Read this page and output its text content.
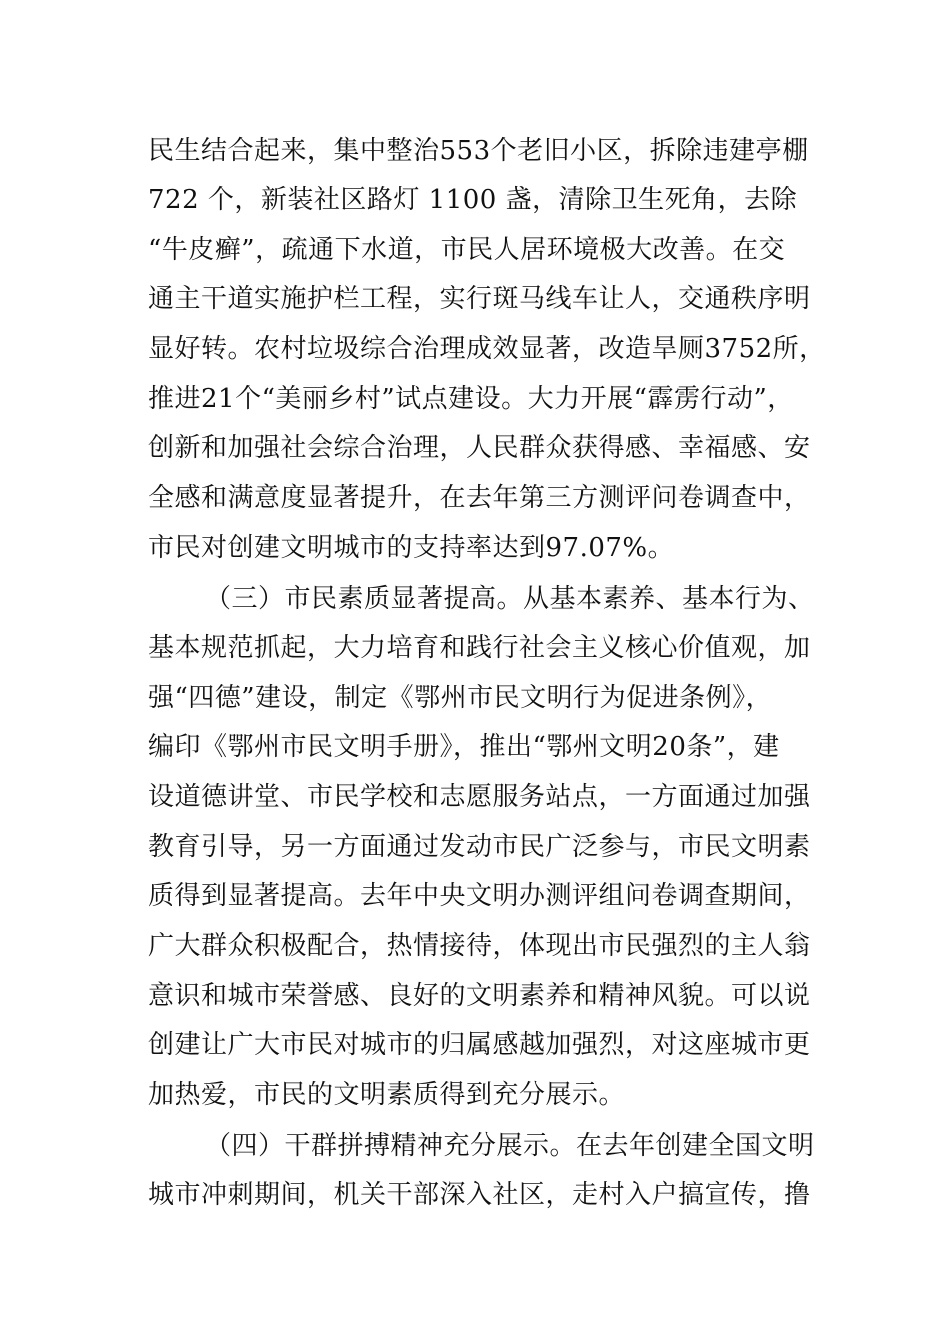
民生结合起来，集中整治553个老旧小区，拆除违建亭棚
722 个，新装社区路灯 1100 盏，清除卫生死角，去除
“牛皮癣”，疏通下水道，市民人居环境极大改善。在交
通主干道实施护栏工程，实行斑马线车让人，交通秩序明
显好转。农村垃圾综合治理成效显著，改造旱厕3752所，
推进21个“美丽乡村”试点建设。大力开展“霹雳行动”，
创新和加强社会综合治理，人民群众获得感、幸福感、安
全感和满意度显著提升，在去年第三方测评问卷调查中，
市民对创建文明城市的支持率达到97.07%。
（三）市民素质显著提高。从基本素养、基本行为、
基本规范抓起，大力培育和践行社会主义核心价值观，加
强“四德”建设，制定《鄂州市民文明行为促进条例》，
编印《鄂州市民文明手册》，推出“鄂州文明20条”，建
设道德讲堂、市民学校和志愿服务站点，一方面通过加强
教育引导，另一方面通过发动市民广泛参与，市民文明素
质得到显著提高。去年中央文明办测评组问卷调查期间，
广大群众积极配合，热情接待，体现出市民强烈的主人翁
意识和城市荣誉感、良好的文明素养和精神风貌。可以说
创建让广大市民对城市的归属感越加强烈，对这座城市更
加热爱，市民的文明素质得到充分展示。
（四）干群拼搏精神充分展示。在去年创建全国文明
城市冲刺期间，机关干部深入社区，走村入户搞宣传，撸
